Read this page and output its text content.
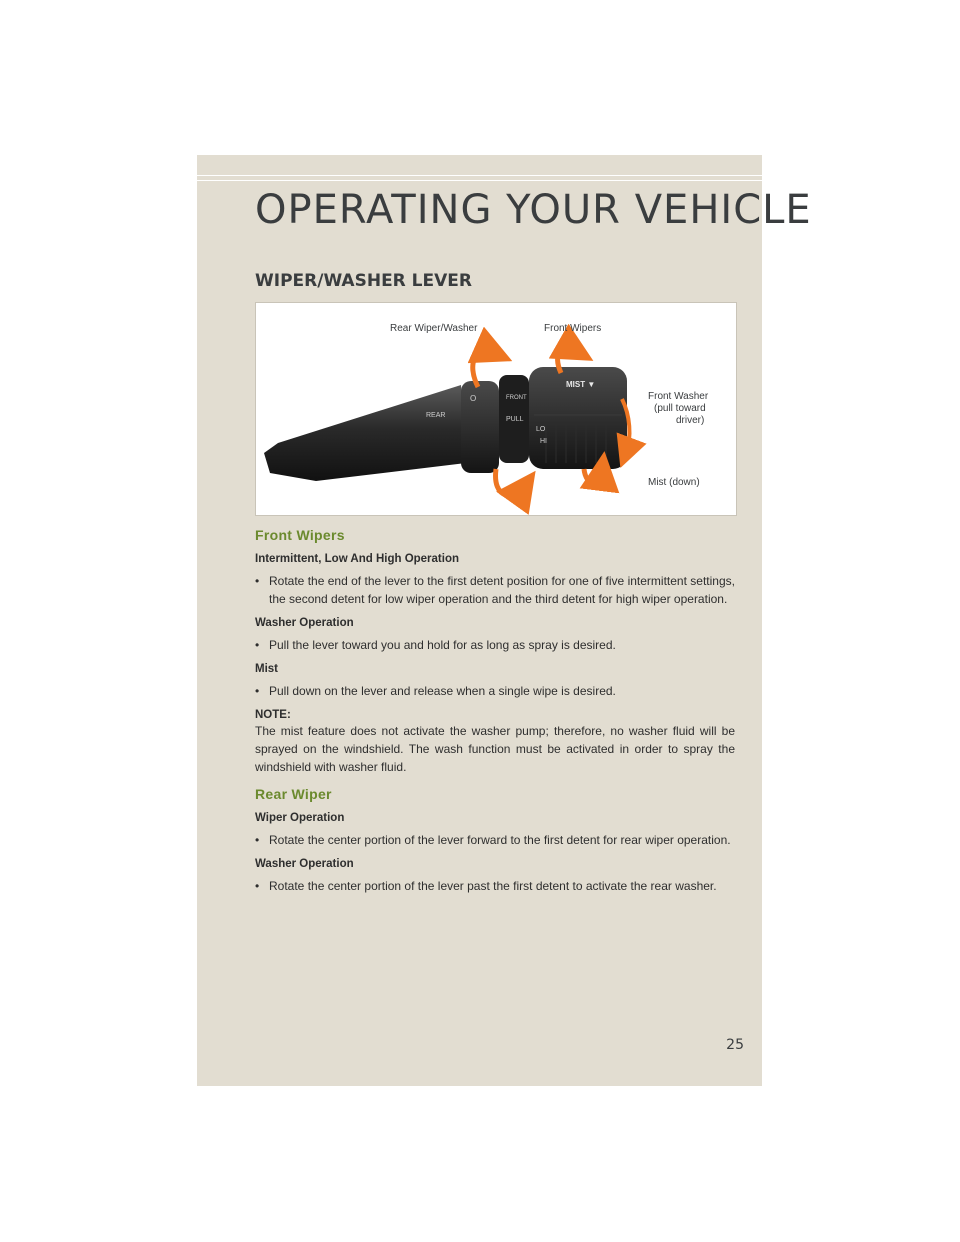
OPERATING YOUR VEHICLE
WIPER/WASHER LEVER
REAR
O	FRONT
PULL
LO
HI
MIST ▼
Rear Wiper/Washer	Front Wipers
Front Washer
(pull toward
driver)
Mist (down)
Front Wipers

Intermittent, Low And High Operation

• Rotate the end of the lever to the first detent position for one of five intermittent settings, the second detent for low wiper operation and the third detent for high wiper operation.

Washer Operation

• Pull the lever toward you and hold for as long as spray is desired.

Mist

• Pull down on the lever and release when a single wipe is desired.

NOTE:

The mist feature does not activate the washer pump; therefore, no washer fluid will be sprayed on the windshield. The wash function must be activated in order to spray the windshield with washer fluid.

Rear Wiper

Wiper Operation

• Rotate the center portion of the lever forward to the first detent for rear wiper operation.

Washer Operation

• Rotate the center portion of the lever past the first detent to activate the rear washer.
25
